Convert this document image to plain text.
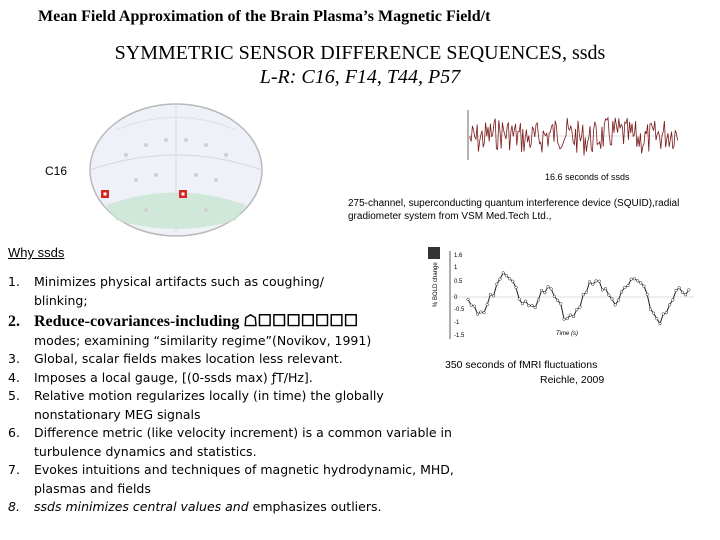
Mean Field Approximation of the Brain Plasma’s Magnetic Field/t
SYMMETRIC SENSOR DIFFERENCE SEQUENCES, ssds
L-R: C16, F14, T44, P57
C16	16.6 seconds of ssds
275-channel, superconducting quantum interference device (SQUID),radial gradiometer system from VSM Med.Tech Ltd.,
Why ssds
% BOLD change
1.6
1
0.5
0
-0.5
-1
-1.5	Time (s)
350 seconds of fMRI fluctuations
Reichle, 2009
1.	Minimizes physical artifacts such as coughing/ blinking;
2. Reduce-covariances-including ☖☐☐☐☐☐☐☐
modes; examining “similarity regime”(Novikov, 1991)
3.	Global, scalar fields makes location less relevant.
4.	Imposes a local gauge, [(0-ssds max) ƒT/Hz].
5.	Relative motion regularizes locally (in time) the globally nonstationary MEG signals
6.	Difference metric (like velocity increment) is a common variable in turbulence dynamics and statistics.
7.	Evokes intuitions and techniques of magnetic hydrodynamic, MHD, plasmas and fields
8.	ssds minimizes central values and emphasizes outliers.
